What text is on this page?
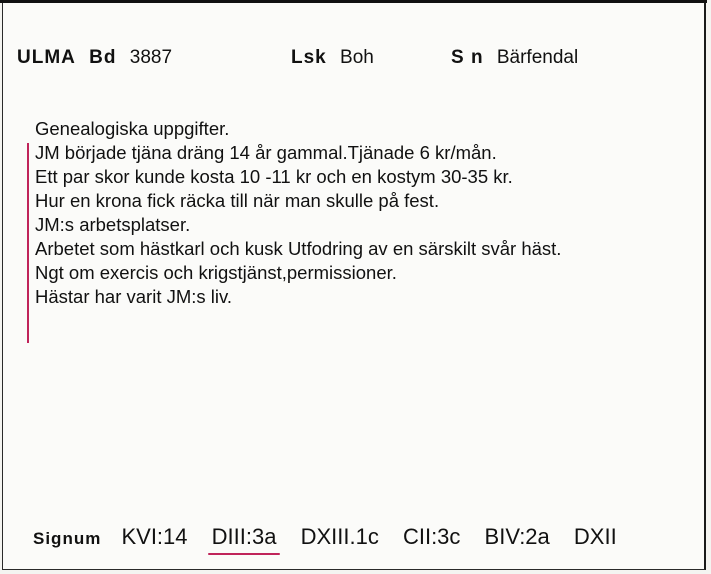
ULMA Bd 3887	Lsk Boh	S n Bärfendal
Genealogiska uppgifter.
JM började tjäna dräng 14 år gammal.Tjänade 6 kr/mån.
Ett par skor kunde kosta 10 -11 kr och en kostym 30-35 kr.
Hur en krona fick räcka till när man skulle på fest.
JM:s arbetsplatser.
Arbetet som hästkarl och kusk Utfodring av en särskilt svår häst.
Ngt om exercis och krigstjänst,permissioner.
Hästar har varit JM:s liv.
Signum KVI:14 DIII:3a DXIII.1c CII:3c BIV:2a DXII
